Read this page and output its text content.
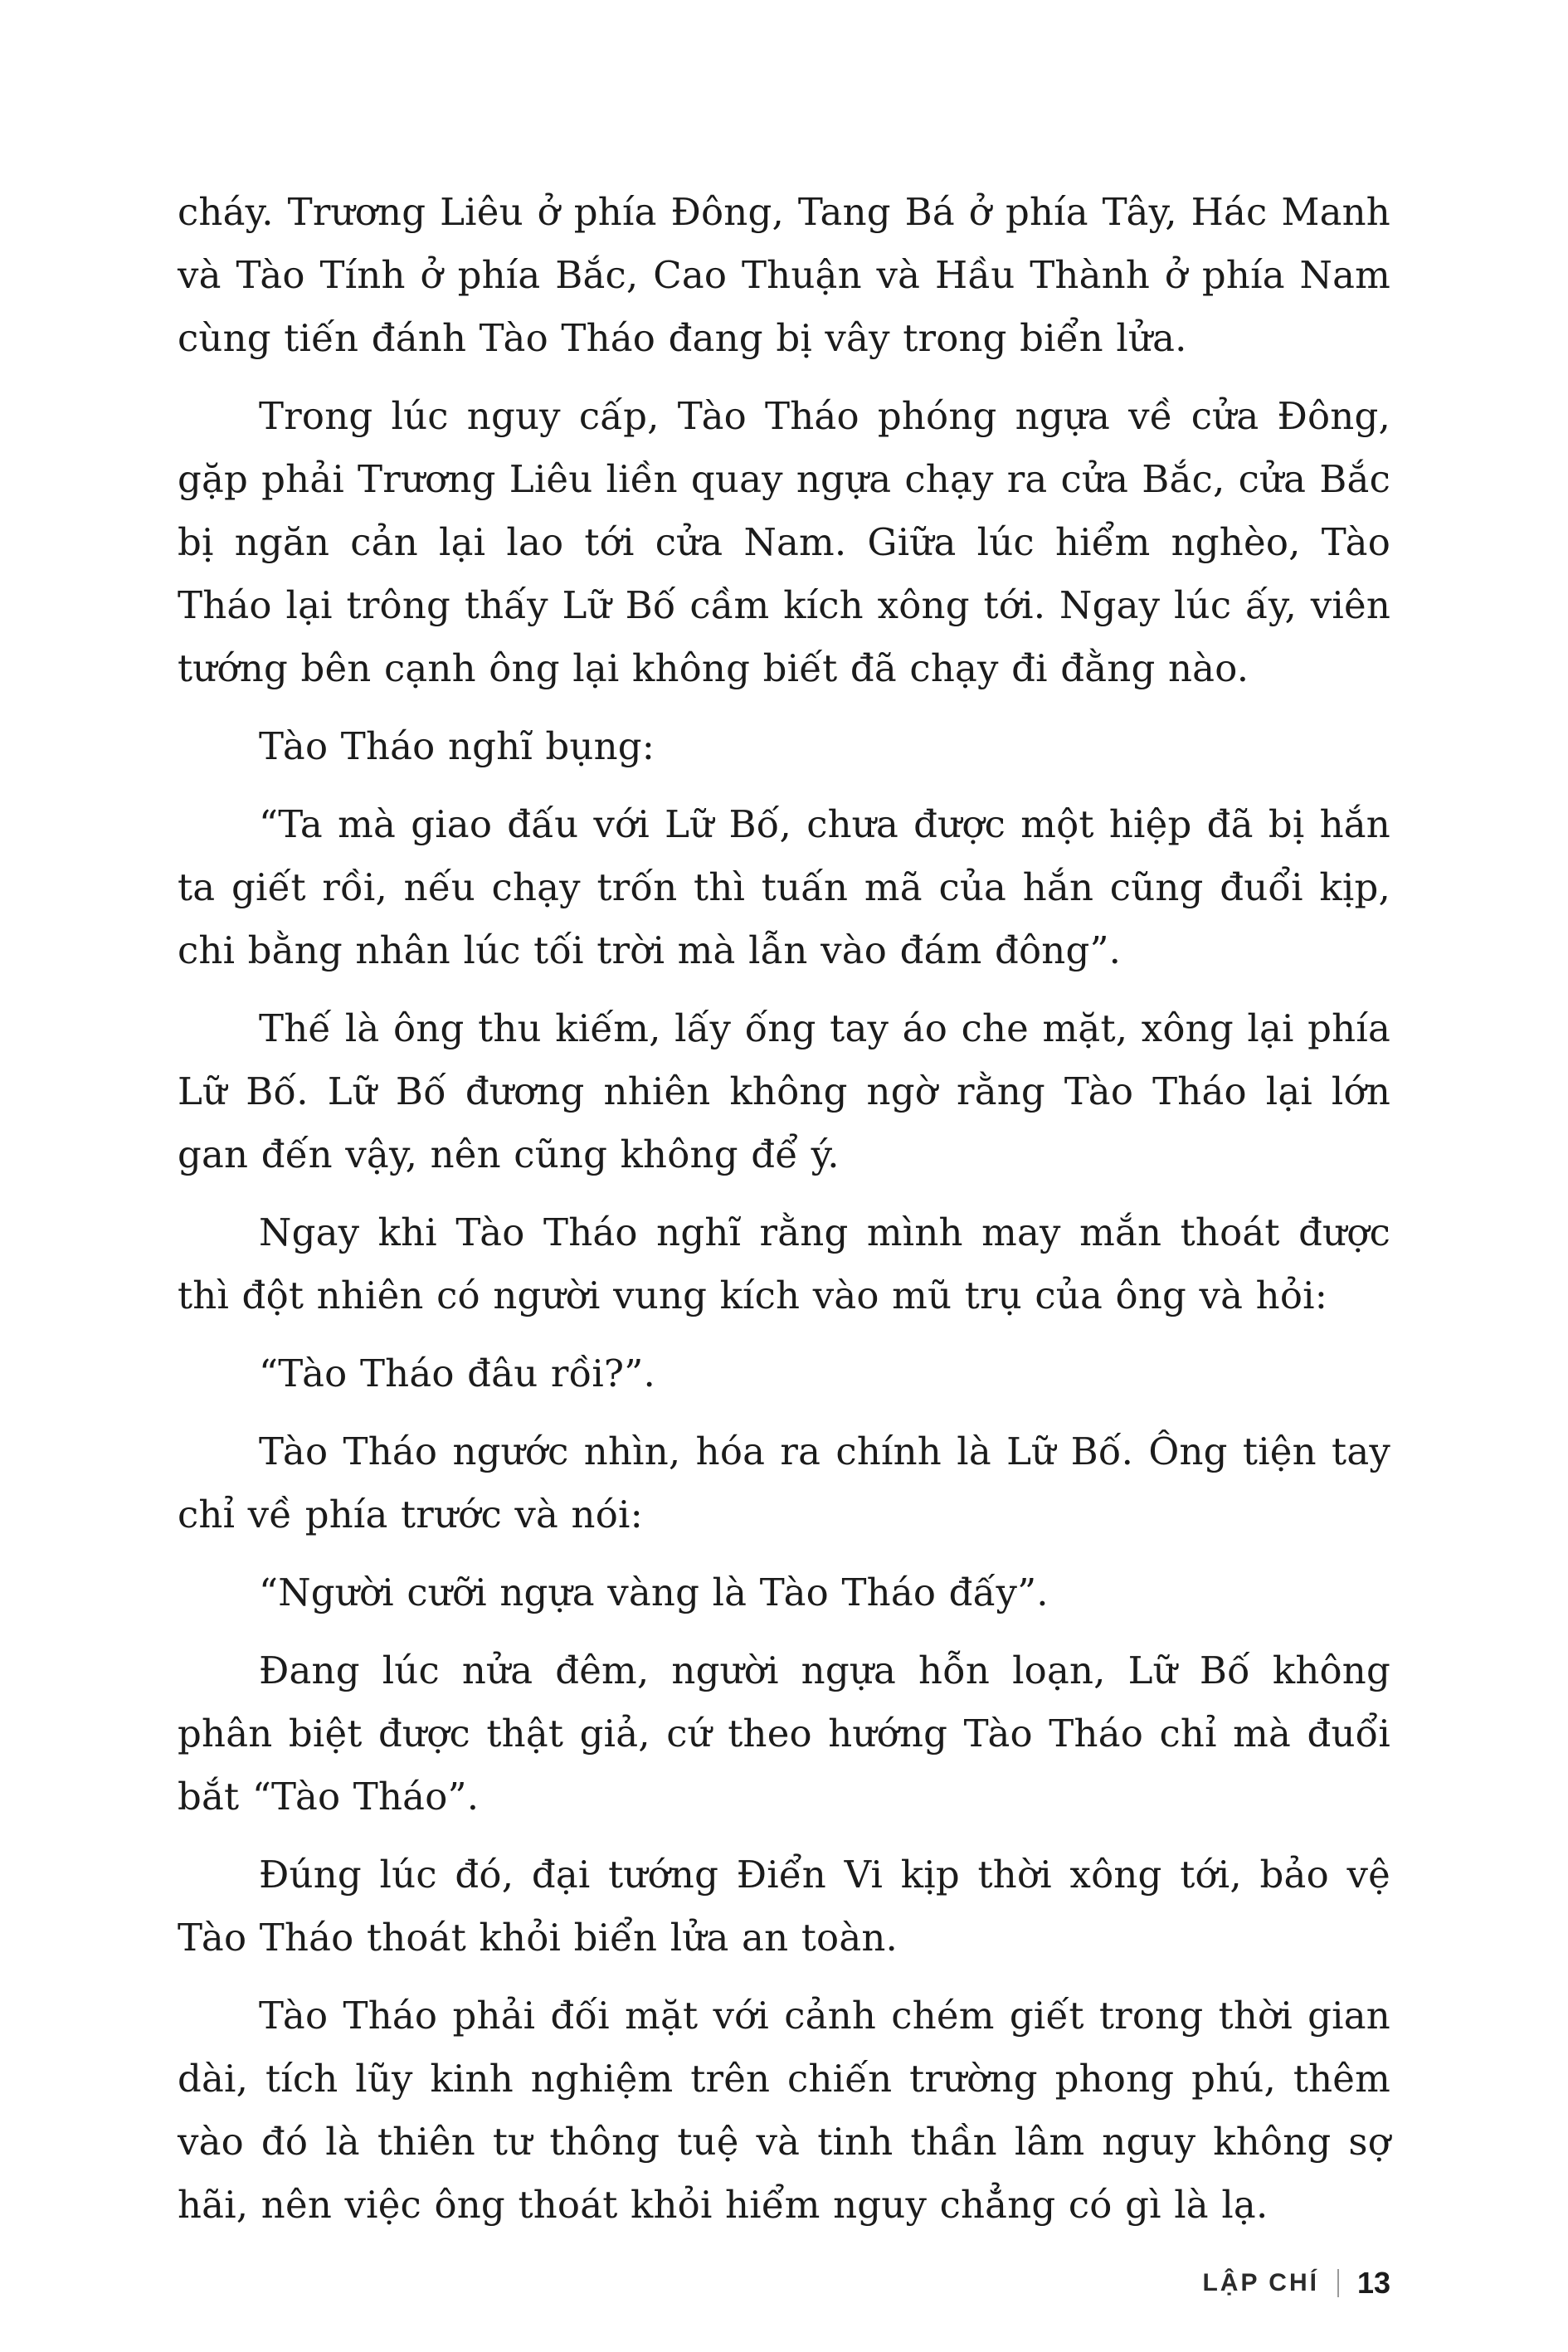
cháy. Trương Liêu ở phía Đông, Tang Bá ở phía Tây, Hác Manh và Tào Tính ở phía Bắc, Cao Thuận và Hầu Thành ở phía Nam cùng tiến đánh Tào Tháo đang bị vây trong biển lửa.

Trong lúc nguy cấp, Tào Tháo phóng ngựa về cửa Đông, gặp phải Trương Liêu liền quay ngựa chạy ra cửa Bắc, cửa Bắc bị ngăn cản lại lao tới cửa Nam. Giữa lúc hiểm nghèo, Tào Tháo lại trông thấy Lữ Bố cầm kích xông tới. Ngay lúc ấy, viên tướng bên cạnh ông lại không biết đã chạy đi đằng nào.

Tào Tháo nghĩ bụng:

“Ta mà giao đấu với Lữ Bố, chưa được một hiệp đã bị hắn ta giết rồi, nếu chạy trốn thì tuấn mã của hắn cũng đuổi kịp, chi bằng nhân lúc tối trời mà lẫn vào đám đông”.

Thế là ông thu kiếm, lấy ống tay áo che mặt, xông lại phía Lữ Bố. Lữ Bố đương nhiên không ngờ rằng Tào Tháo lại lớn gan đến vậy, nên cũng không để ý.

Ngay khi Tào Tháo nghĩ rằng mình may mắn thoát được thì đột nhiên có người vung kích vào mũ trụ của ông và hỏi:

“Tào Tháo đâu rồi?”.

Tào Tháo ngước nhìn, hóa ra chính là Lữ Bố. Ông tiện tay chỉ về phía trước và nói:

“Người cưỡi ngựa vàng là Tào Tháo đấy”.

Đang lúc nửa đêm, người ngựa hỗn loạn, Lữ Bố không phân biệt được thật giả, cứ theo hướng Tào Tháo chỉ mà đuổi bắt “Tào Tháo”.

Đúng lúc đó, đại tướng Điển Vi kịp thời xông tới, bảo vệ Tào Tháo thoát khỏi biển lửa an toàn.

Tào Tháo phải đối mặt với cảnh chém giết trong thời gian dài, tích lũy kinh nghiệm trên chiến trường phong phú, thêm vào đó là thiên tư thông tuệ và tinh thần lâm nguy không sợ hãi, nên việc ông thoát khỏi hiểm nguy chẳng có gì là lạ.

LẬP CHÍ 13
